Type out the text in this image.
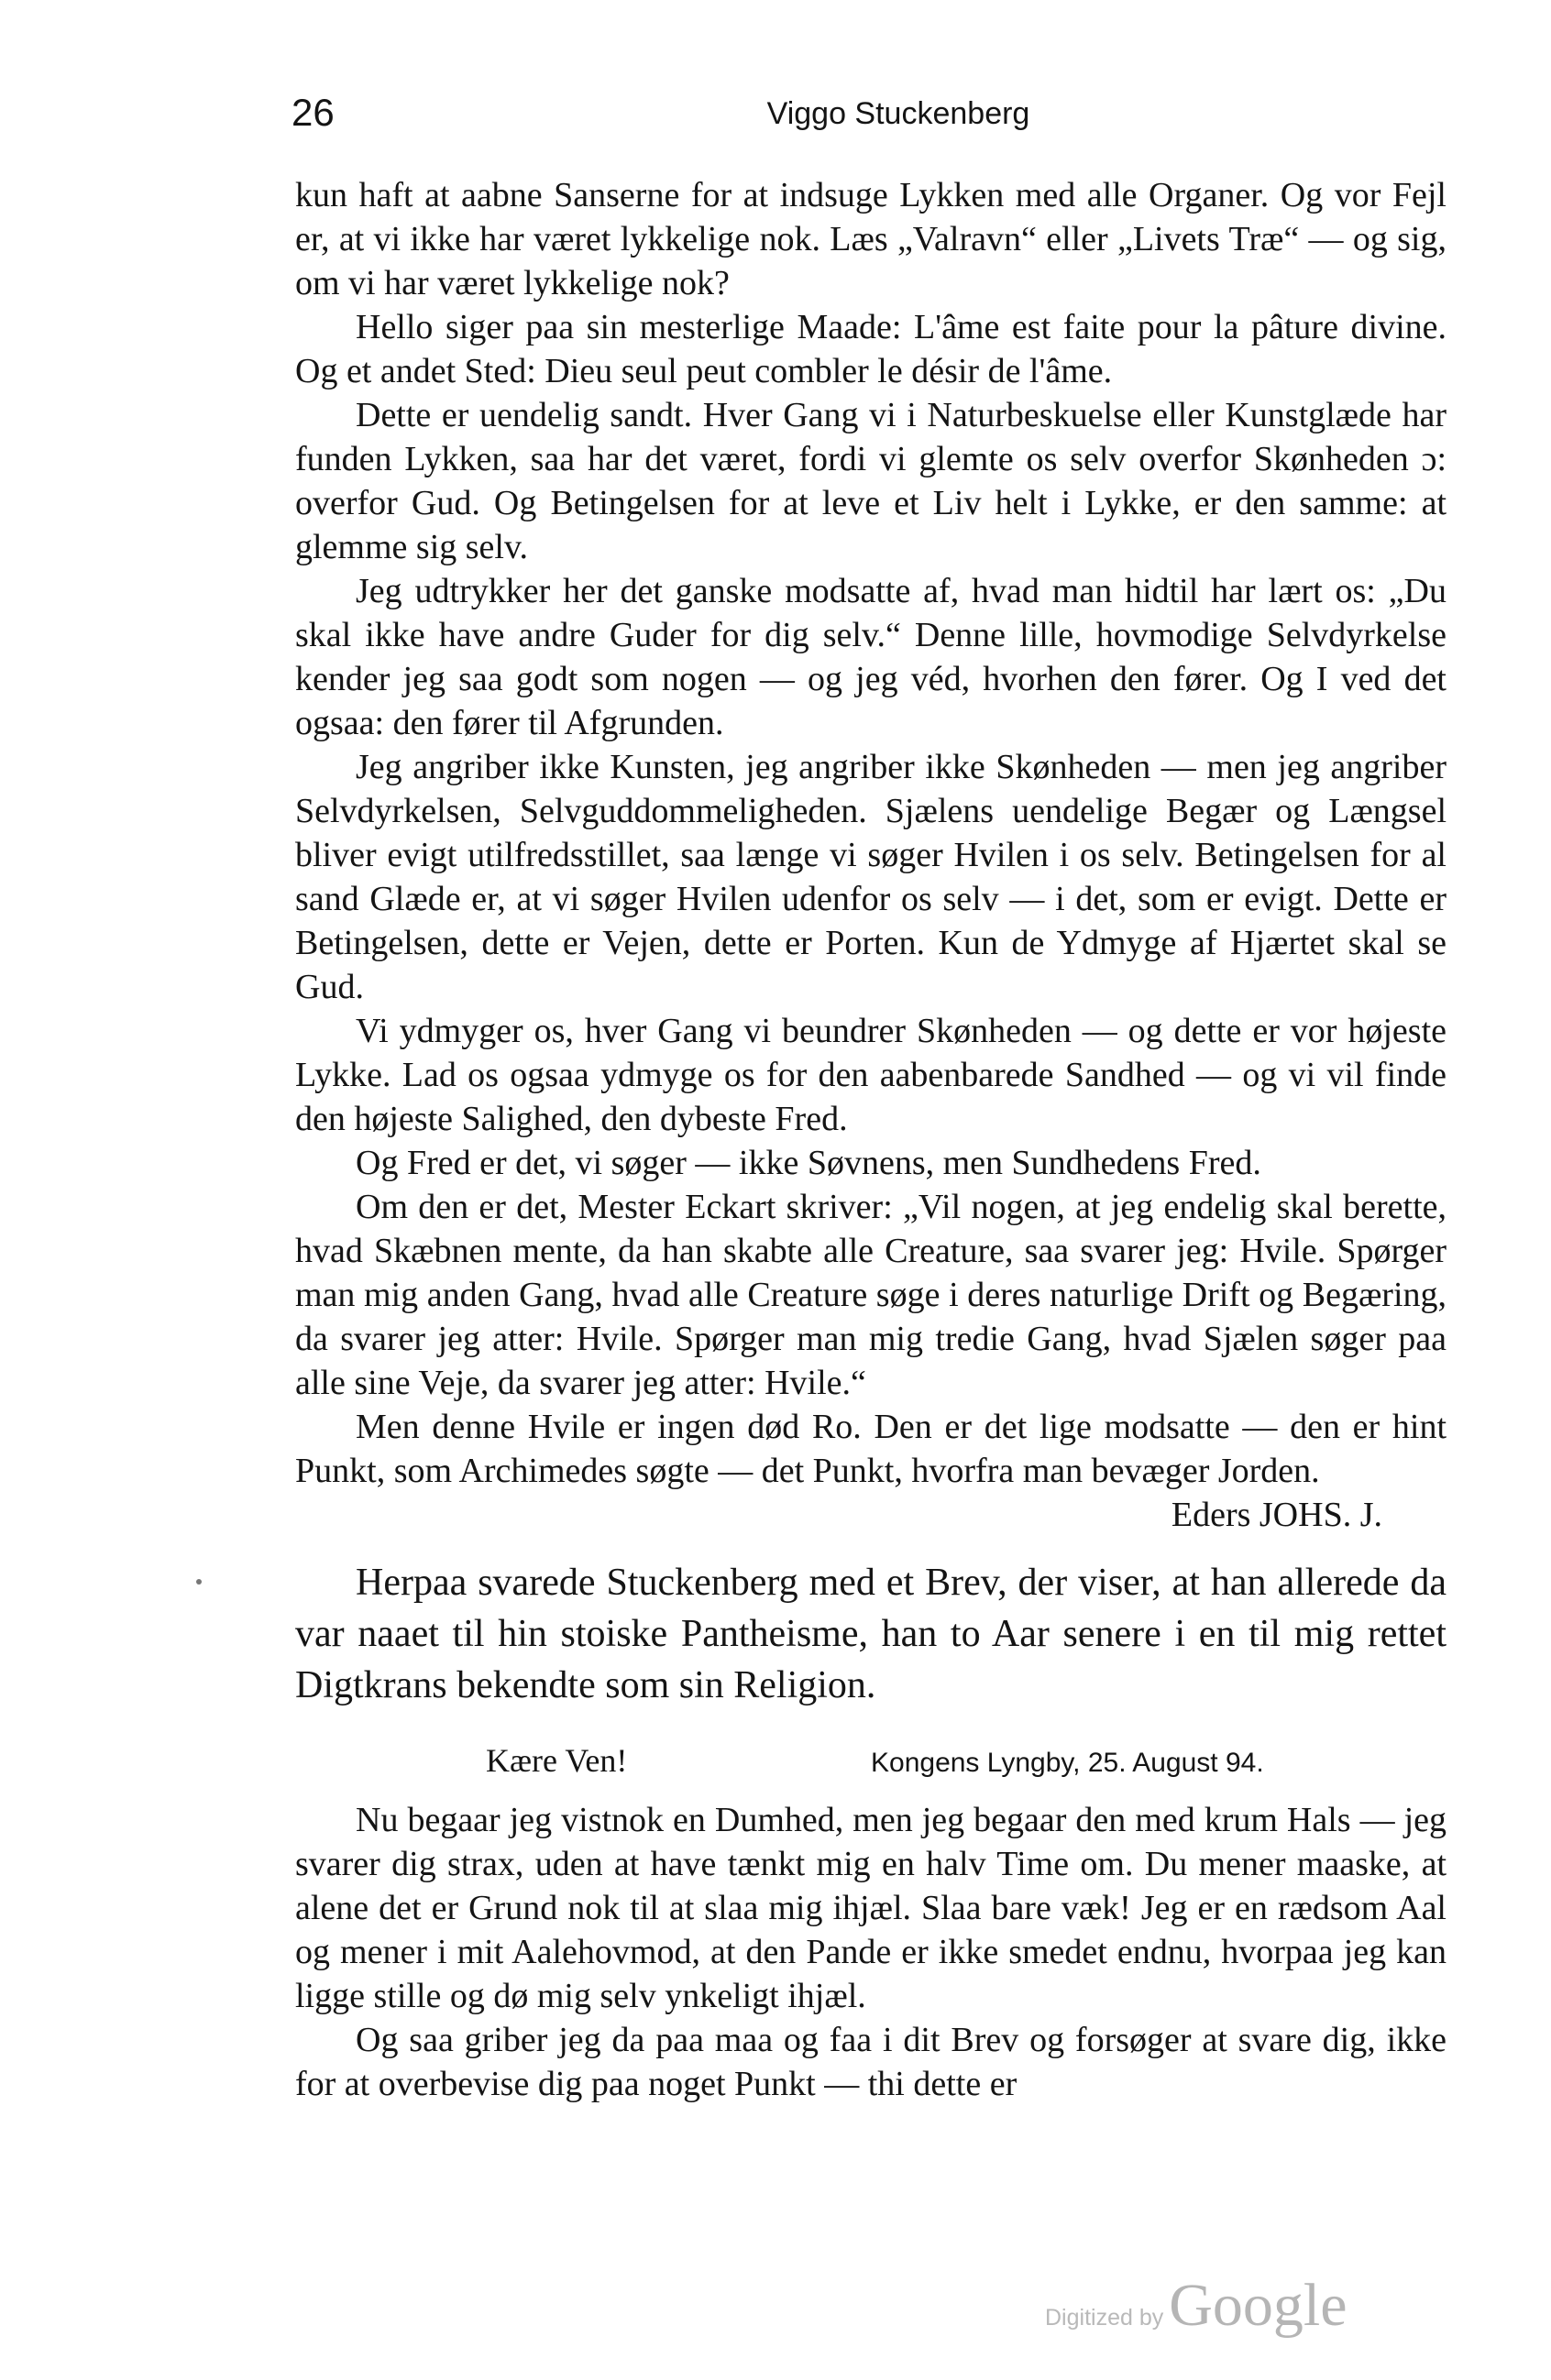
26	Viggo Stuckenberg

kun haft at aabne Sanserne for at indsuge Lykken med alle Organer. Og vor Fejl er, at vi ikke har været lykkelige nok. Læs „Valravn“ eller „Livets Træ“ — og sig, om vi har været lykkelige nok?

Hello siger paa sin mesterlige Maade: L'âme est faite pour la pâture divine. Og et andet Sted: Dieu seul peut combler le désir de l'âme.

Dette er uendelig sandt. Hver Gang vi i Naturbeskuelse eller Kunstglæde har funden Lykken, saa har det været, fordi vi glemte os selv overfor Skønheden ɔ: overfor Gud. Og Betingelsen for at leve et Liv helt i Lykke, er den samme: at glemme sig selv.

Jeg udtrykker her det ganske modsatte af, hvad man hidtil har lært os: „Du skal ikke have andre Guder for dig selv.“ Denne lille, hovmodige Selvdyrkelse kender jeg saa godt som nogen — og jeg véd, hvorhen den fører. Og I ved det ogsaa: den fører til Afgrunden.

Jeg angriber ikke Kunsten, jeg angriber ikke Skønheden — men jeg angriber Selvdyrkelsen, Selvguddommeligheden. Sjælens uendelige Begær og Længsel bliver evigt utilfredsstillet, saa længe vi søger Hvilen i os selv. Betingelsen for al sand Glæde er, at vi søger Hvilen udenfor os selv — i det, som er evigt. Dette er Betingelsen, dette er Vejen, dette er Porten. Kun de Ydmyge af Hjærtet skal se Gud.

Vi ydmyger os, hver Gang vi beundrer Skønheden — og dette er vor højeste Lykke. Lad os ogsaa ydmyge os for den aabenbarede Sandhed — og vi vil finde den højeste Salighed, den dybeste Fred.

Og Fred er det, vi søger — ikke Søvnens, men Sundhedens Fred.

Om den er det, Mester Eckart skriver: „Vil nogen, at jeg endelig skal berette, hvad Skæbnen mente, da han skabte alle Creature, saa svarer jeg: Hvile. Spørger man mig anden Gang, hvad alle Creature søge i deres naturlige Drift og Begæring, da svarer jeg atter: Hvile. Spørger man mig tredie Gang, hvad Sjælen søger paa alle sine Veje, da svarer jeg atter: Hvile.“

Men denne Hvile er ingen død Ro. Den er det lige modsatte — den er hint Punkt, som Archimedes søgte — det Punkt, hvorfra man bevæger Jorden.

Eders JOHS. J.

Herpaa svarede Stuckenberg med et Brev, der viser, at han allerede da var naaet til hin stoiske Pantheisme, han to Aar senere i en til mig rettet Digtkrans bekendte som sin Religion.

Kære Ven!	Kongens Lyngby, 25. August 94.

Nu begaar jeg vistnok en Dumhed, men jeg begaar den med krum Hals — jeg svarer dig strax, uden at have tænkt mig en halv Time om. Du mener maaske, at alene det er Grund nok til at slaa mig ihjæl. Slaa bare væk! Jeg er en rædsom Aal og mener i mit Aalehovmod, at den Pande er ikke smedet endnu, hvorpaa jeg kan ligge stille og dø mig selv ynkeligt ihjæl.

Og saa griber jeg da paa maa og faa i dit Brev og forsøger at svare dig, ikke for at overbevise dig paa noget Punkt — thi dette er

Digitized by Google
